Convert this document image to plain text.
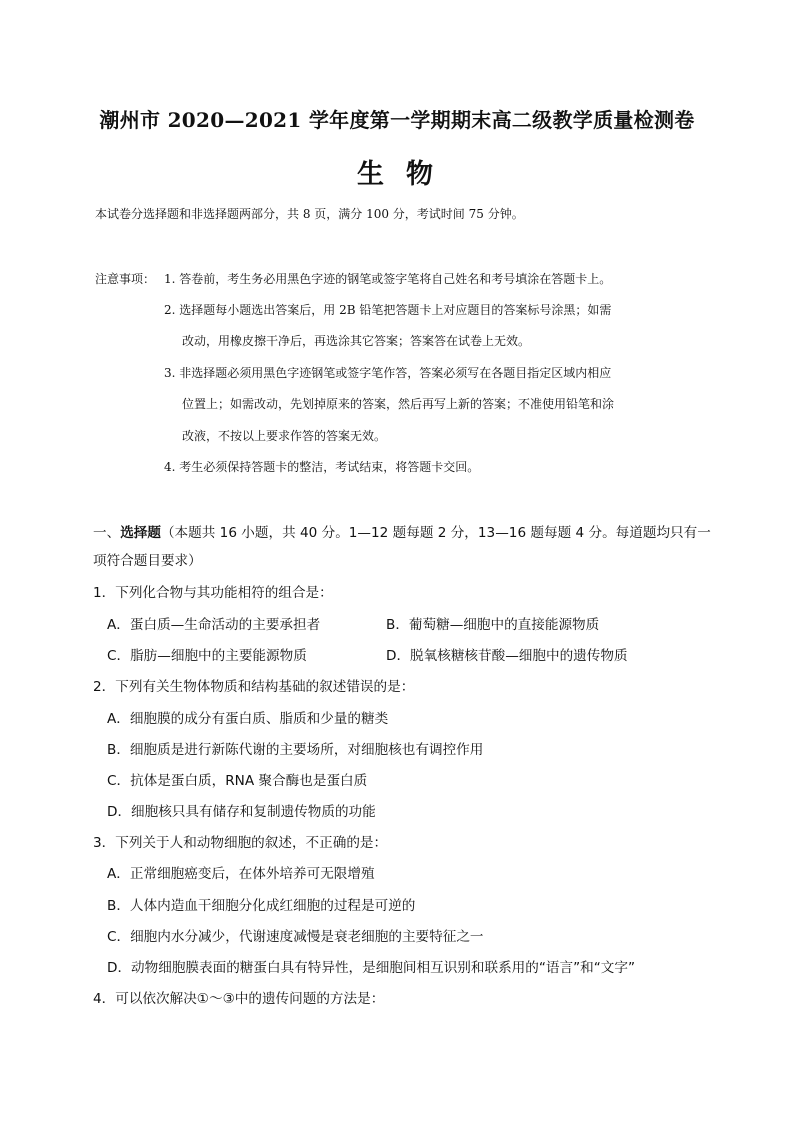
潮州市 2020—2021 学年度第一学期期末高二级教学质量检测卷
生物
本试卷分选择题和非选择题两部分，共 8 页，满分 100 分，考试时间 75 分钟。
注意事项： 1. 答卷前，考生务必用黑色字迹的钢笔或签字笔将自己姓名和考号填涂在答题卡上。
2. 选择题每小题选出答案后，用 2B 铅笔把答题卡上对应题目的答案标号涂黑；如需
改动，用橡皮擦干净后，再选涂其它答案；答案答在试卷上无效。
3. 非选择题必须用黑色字迹钢笔或签字笔作答，答案必须写在各题目指定区域内相应
位置上；如需改动，先划掉原来的答案，然后再写上新的答案；不准使用铅笔和涂
改液，不按以上要求作答的答案无效。
4. 考生必须保持答题卡的整洁，考试结束，将答题卡交回。
一、选择题（本题共 16 小题，共 40 分。1—12 题每题 2 分，13—16 题每题 4 分。每道题均只有一
项符合题目要求）
1．下列化合物与其功能相符的组合是：
A．蛋白质—生命活动的主要承担者	B．葡萄糖—细胞中的直接能源物质
C．脂肪—细胞中的主要能源物质	D．脱氧核糖核苷酸—细胞中的遗传物质
2．下列有关生物体物质和结构基础的叙述错误的是：
A．细胞膜的成分有蛋白质、脂质和少量的糖类
B．细胞质是进行新陈代谢的主要场所，对细胞核也有调控作用
C．抗体是蛋白质，RNA 聚合酶也是蛋白质
D．细胞核只具有储存和复制遗传物质的功能
3．下列关于人和动物细胞的叙述，不正确的是：
A．正常细胞癌变后，在体外培养可无限增殖
B．人体内造血干细胞分化成红细胞的过程是可逆的
C．细胞内水分减少，代谢速度减慢是衰老细胞的主要特征之一
D．动物细胞膜表面的糖蛋白具有特异性，是细胞间相互识别和联系用的“语言”和“文字”
4．可以依次解决①～③中的遗传问题的方法是：
